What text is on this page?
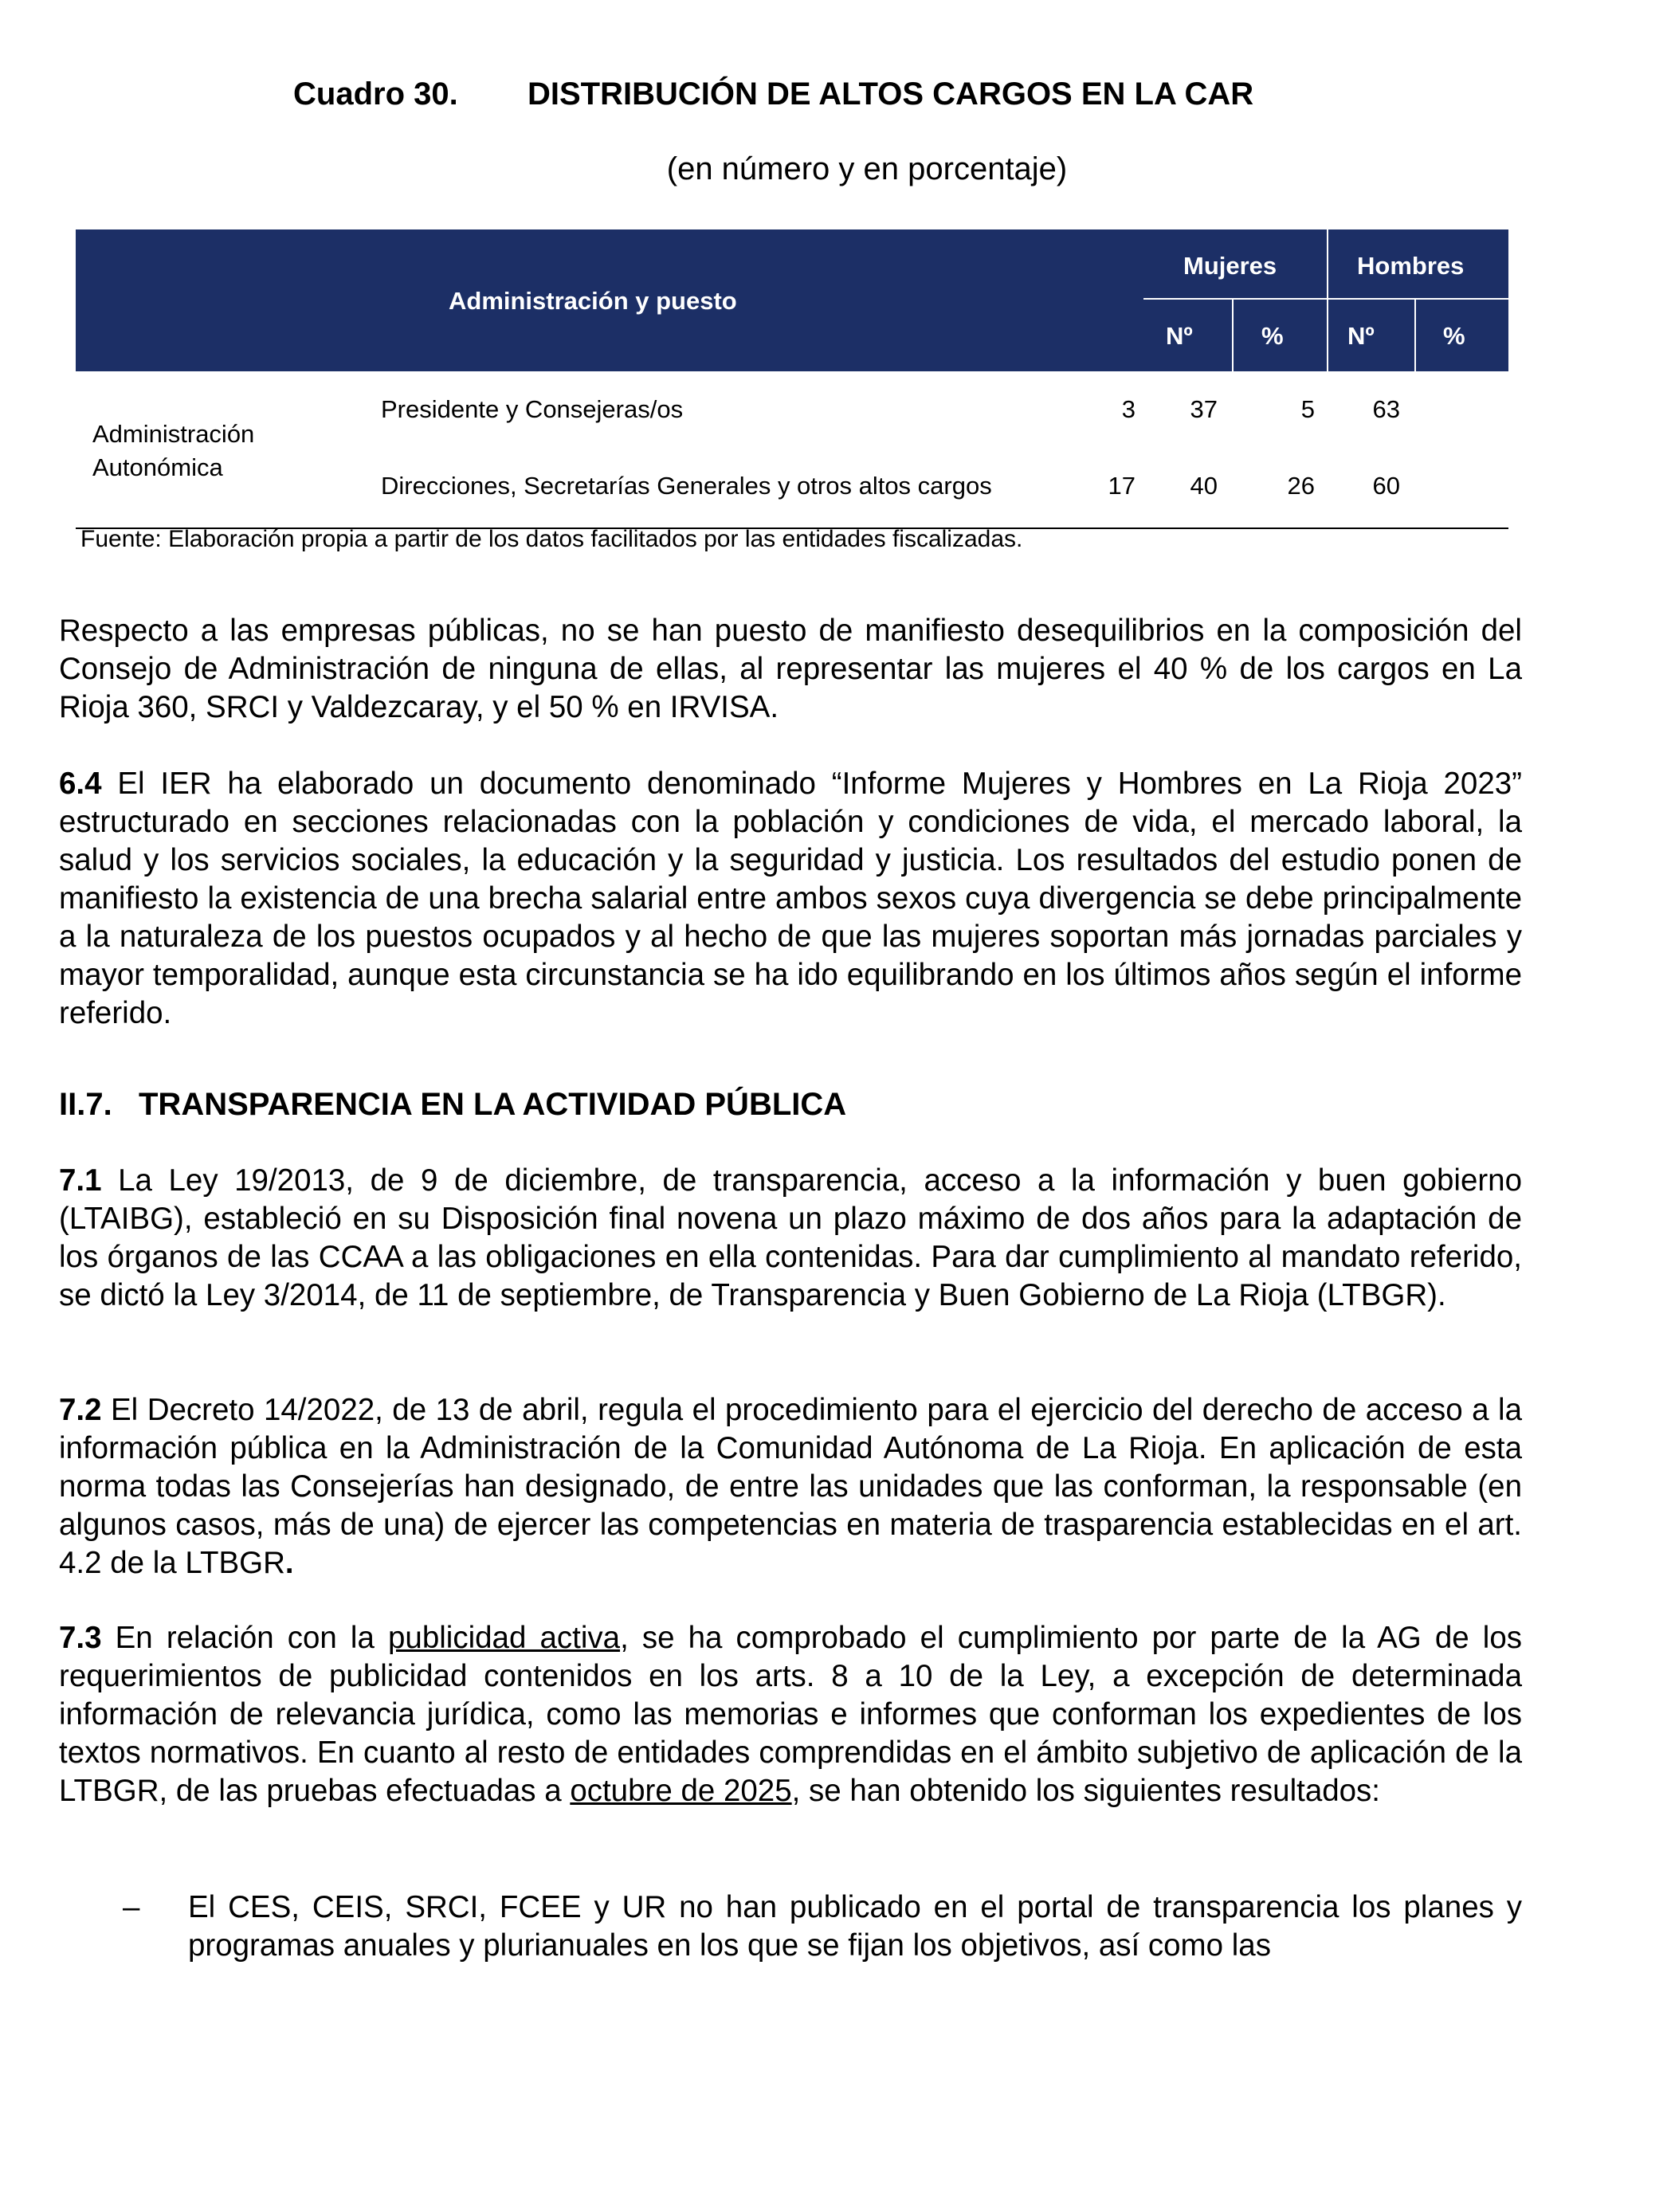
Cuadro 30. DISTRIBUCIÓN DE ALTOS CARGOS EN LA CAR
(en número y en porcentaje)
Administración y puesto
Mujeres	Hombres
Nº	%	Nº	%
Administración
Autonómica
Presidente y Consejeras/os	3	37	5	63
Direcciones, Secretarías Generales y otros altos cargos	17	40	26	60
Fuente: Elaboración propia a partir de los datos facilitados por las entidades fiscalizadas.
Respecto a las empresas públicas, no se han puesto de manifiesto desequilibrios en la composición del Consejo de Administración de ninguna de ellas, al representar las mujeres el 40 % de los cargos en La Rioja 360, SRCI y Valdezcaray, y el 50 % en IRVISA.
6.4 El IER ha elaborado un documento denominado “Informe Mujeres y Hombres en La Rioja 2023” estructurado en secciones relacionadas con la población y condiciones de vida, el mercado laboral, la salud y los servicios sociales, la educación y la seguridad y justicia. Los resultados del estudio ponen de manifiesto la existencia de una brecha salarial entre ambos sexos cuya divergencia se debe principalmente a la naturaleza de los puestos ocupados y al hecho de que las mujeres soportan más jornadas parciales y mayor temporalidad, aunque esta circunstancia se ha ido equilibrando en los últimos años según el informe referido.
II.7. TRANSPARENCIA EN LA ACTIVIDAD PÚBLICA
7.1 La Ley 19/2013, de 9 de diciembre, de transparencia, acceso a la información y buen gobierno (LTAIBG), estableció en su Disposición final novena un plazo máximo de dos años para la adaptación de los órganos de las CCAA a las obligaciones en ella contenidas. Para dar cumplimiento al mandato referido, se dictó la Ley 3/2014, de 11 de septiembre, de Transparencia y Buen Gobierno de La Rioja (LTBGR).
7.2 El Decreto 14/2022, de 13 de abril, regula el procedimiento para el ejercicio del derecho de acceso a la información pública en la Administración de la Comunidad Autónoma de La Rioja. En aplicación de esta norma todas las Consejerías han designado, de entre las unidades que las conforman, la responsable (en algunos casos, más de una) de ejercer las competencias en materia de trasparencia establecidas en el art. 4.2 de la LTBGR.
7.3 En relación con la publicidad activa, se ha comprobado el cumplimiento por parte de la AG de los requerimientos de publicidad contenidos en los arts. 8 a 10 de la Ley, a excepción de determinada información de relevancia jurídica, como las memorias e informes que conforman los expedientes de los textos normativos. En cuanto al resto de entidades comprendidas en el ámbito subjetivo de aplicación de la LTBGR, de las pruebas efectuadas a octubre de 2025, se han obtenido los siguientes resultados:
– El CES, CEIS, SRCI, FCEE y UR no han publicado en el portal de transparencia los planes y programas anuales y plurianuales en los que se fijan los objetivos, así como las
